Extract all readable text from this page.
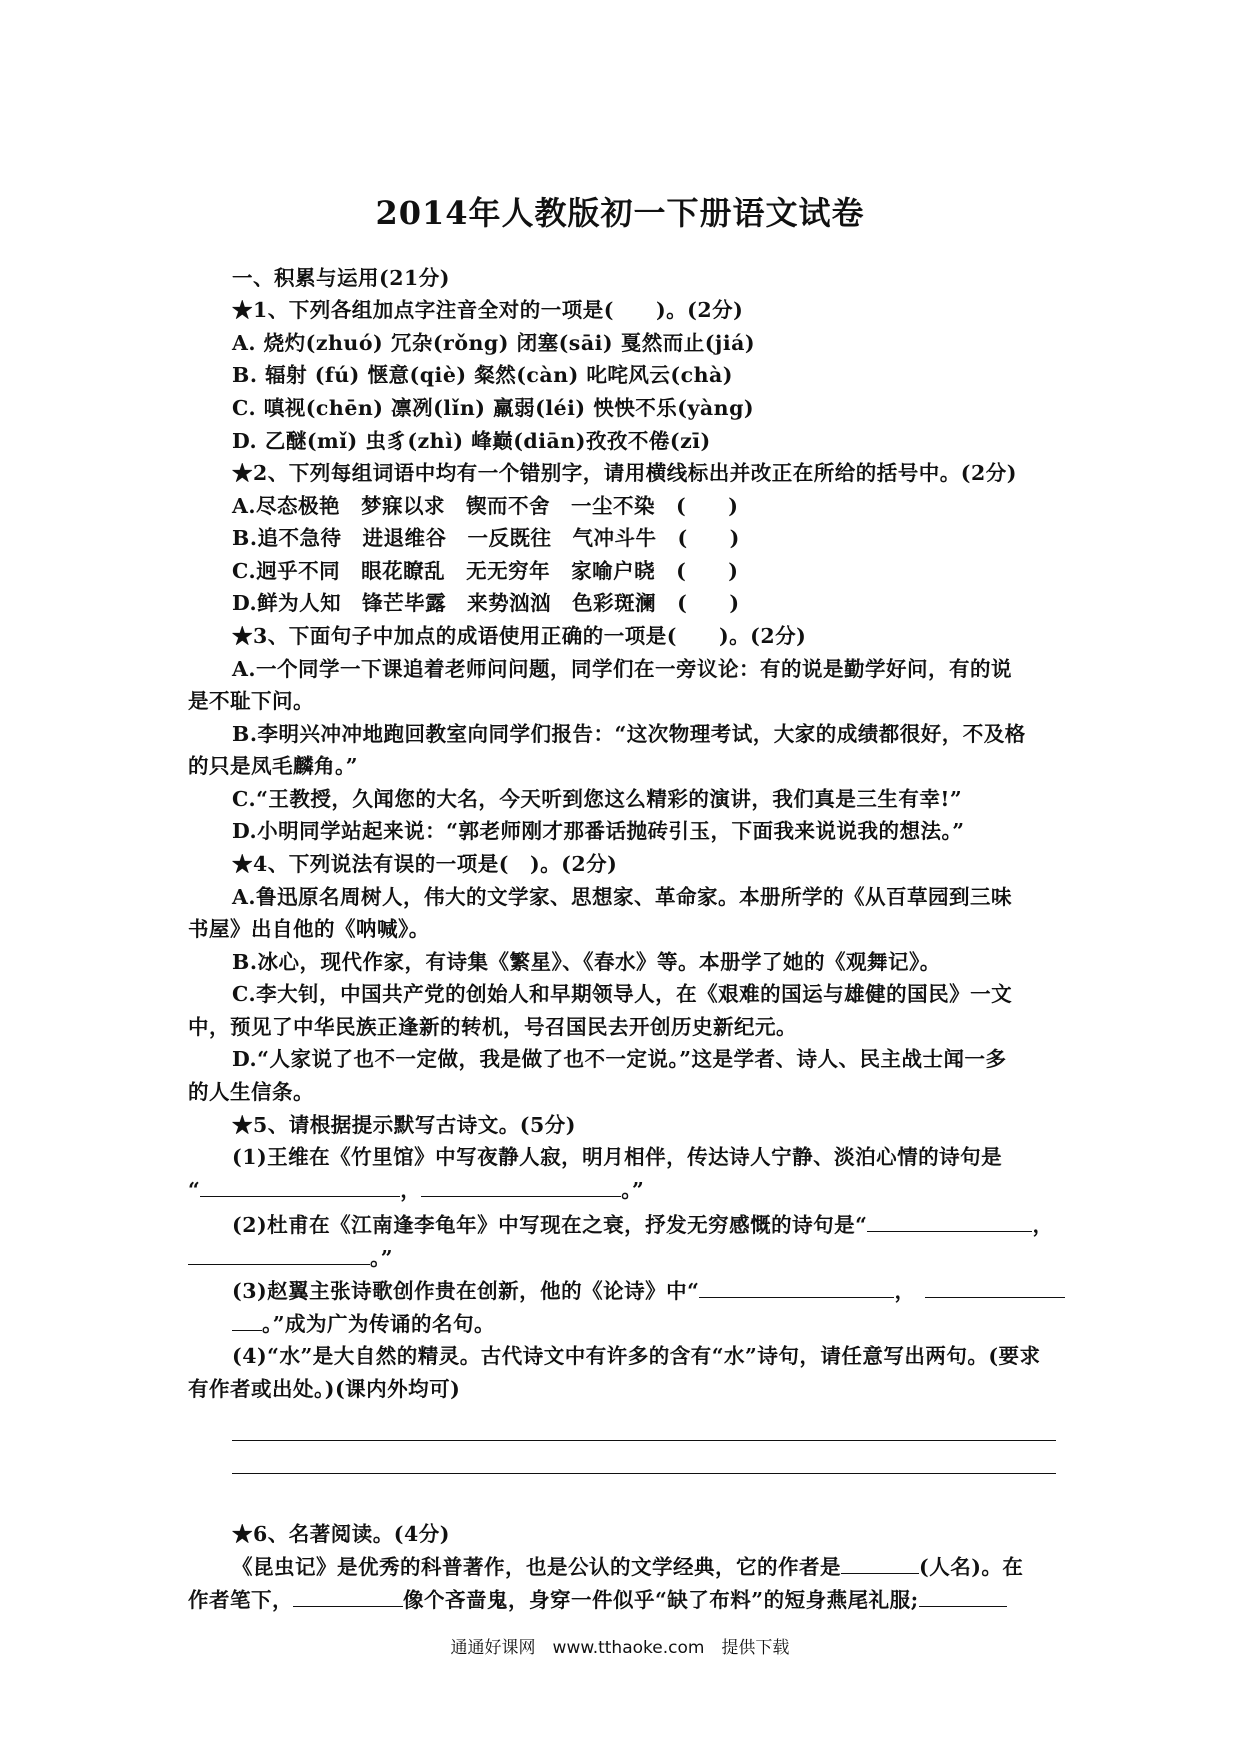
2014年人教版初一下册语文试卷
一、积累与运用(21分)
★1、下列各组加点字注音全对的一项是(　　)。(2分)
A. 烧灼(zhuó) 冗杂(rǒng) 闭塞(sāi) 戛然而止(jiá)
B. 辐射 (fú) 惬意(qiè) 粲然(càn) 叱咤风云(chà)
C. 嗔视(chēn) 凛冽(lǐn) 羸弱(léi) 怏怏不乐(yàng)
D. 乙醚(mǐ) 虫豸(zhì) 峰巅(diān)孜孜不倦(zī)
★2、下列每组词语中均有一个错别字，请用横线标出并改正在所给的括号中。(2分)
A.尽态极艳　梦寐以求　锲而不舍　一尘不染　(　　)
B.追不急待　进退维谷　一反既往　气冲斗牛　(　　)
C.迥乎不同　眼花瞭乱　无无穷年　家喻户晓　(　　)
D.鲜为人知　锋芒毕露　来势汹汹　色彩斑澜　(　　)
★3、下面句子中加点的成语使用正确的一项是(　　)。(2分)
A.一个同学一下课追着老师问问题，同学们在一旁议论：有的说是勤学好问，有的说
是不耻下问。
B.李明兴冲冲地跑回教室向同学们报告：“这次物理考试，大家的成绩都很好，不及格
的只是凤毛麟角。”
C.“王教授，久闻您的大名，今天听到您这么精彩的演讲，我们真是三生有幸!”
D.小明同学站起来说：“郭老师刚才那番话抛砖引玉，下面我来说说我的想法。”
★4、下列说法有误的一项是(　)。(2分)
A.鲁迅原名周树人，伟大的文学家、思想家、革命家。本册所学的《从百草园到三味
书屋》出自他的《呐喊》。
B.冰心，现代作家，有诗集《繁星》、《春水》等。本册学了她的《观舞记》。
C.李大钊，中国共产党的创始人和早期领导人，在《艰难的国运与雄健的国民》一文
中，预见了中华民族正逢新的转机，号召国民去开创历史新纪元。
D.“人家说了也不一定做，我是做了也不一定说。”这是学者、诗人、民主战士闻一多
的人生信条。
★5、请根据提示默写古诗文。(5分)
(1)王维在《竹里馆》中写夜静人寂，明月相伴，传达诗人宁静、淡泊心情的诗句是
“	，	。”
(2)杜甫在《江南逢李龟年》中写现在之衰，抒发无穷感慨的诗句是“	，
。”
(3)赵翼主张诗歌创作贵在创新，他的《论诗》中“	，
。”成为广为传诵的名句。
(4)“水”是大自然的精灵。古代诗文中有许多的含有“水”诗句，请任意写出两句。(要求
有作者或出处。)(课内外均可)
★6、名著阅读。(4分)
《昆虫记》是优秀的科普著作，也是公认的文学经典，它的作者是	(人名)。在
作者笔下，	像个吝啬鬼，身穿一件似乎“缺了布料”的短身燕尾礼服;
通通好课网　www.tthaoke.com　提供下载
